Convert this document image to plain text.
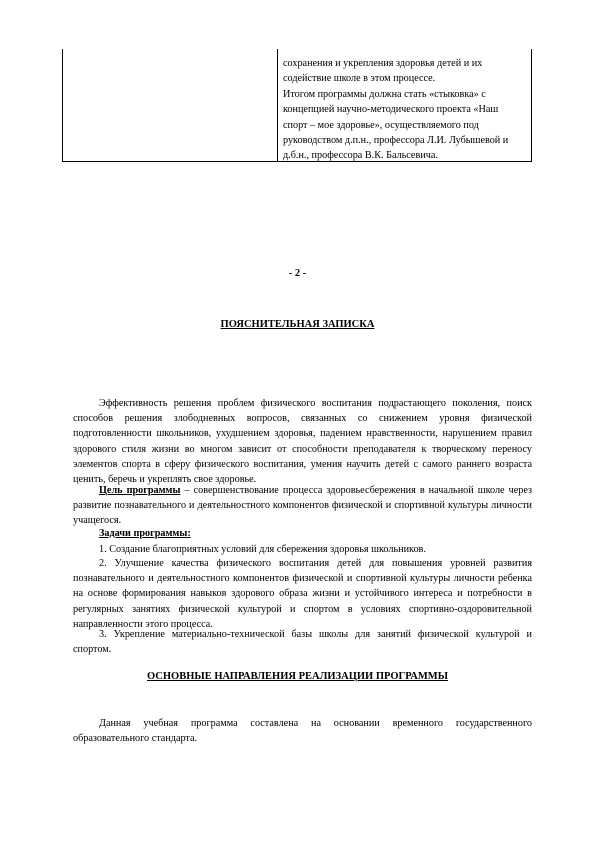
сохранения и укрепления здоровья детей и их

содействие школе в этом процессе.

Итогом программы должна стать «стыковка» с

концепцией научно-методического проекта «Наш

спорт – мое здоровье», осуществляемого под

руководством д.п.н., профессора Л.И. Лубышевой и

д.б.н., профессора В.К. Бальсевича.

- 2 -
ПОЯСНИТЕЛЬНАЯ ЗАПИСКА

Эффективность решения проблем физического воспитания подрастающего поколения, поиск способов решения злободневных вопросов, связанных со снижением уровня физической подготовленности школьников, ухудшением здоровья, падением нравственности, нарушением правил здорового стиля жизни во многом зависит от способности преподавателя к творческому переносу элементов спорта в сферу физического воспитания, умения научить детей с самого раннего возраста ценить, беречь и укреплять свое здоровье.

Цель программы – совершенствование процесса здоровьесбережения в начальной школе через развитие познавательного и деятельностного компонентов физической и спортивной культуры личности учащегося.

Задачи программы:

1. Создание благоприятных условий для сбережения здоровья школьников.

2. Улучшение качества физического воспитания детей для повышения уровней развития познавательного и деятельностного компонентов физической и спортивной культуры личности ребенка на основе формирования навыков здорового образа жизни и устойчивого интереса и потребности в регулярных занятиях физической культурой и спортом в условиях спортивно-оздоровительной направленности этого процесса.

3. Укрепление материально-технической базы школы для занятий физической культурой и спортом.

ОСНОВНЫЕ НАПРАВЛЕНИЯ РЕАЛИЗАЦИИ ПРОГРАММЫ

Данная учебная программа составлена на основании временного государственного образовательного стандарта.
